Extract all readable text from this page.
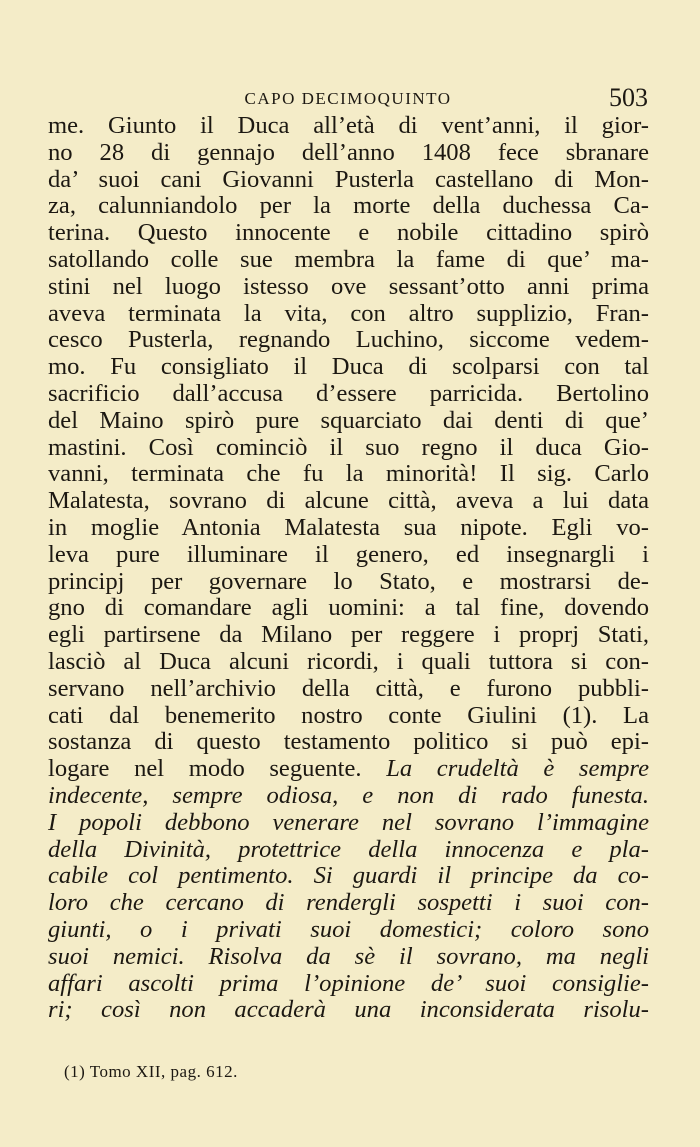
CAPO DECIMOQUINTO	503
me. Giunto il Duca all’età di vent’anni, il gior-
no 28 di gennajo dell’anno 1408 fece sbranare
da’ suoi cani Giovanni Pusterla castellano di Mon-
za, calunniandolo per la morte della duchessa Ca-
terina. Questo innocente e nobile cittadino spirò
satollando colle sue membra la fame di que’ ma-
stini nel luogo istesso ove sessant’otto anni prima
aveva terminata la vita, con altro supplizio, Fran-
cesco Pusterla, regnando Luchino, siccome vedem-
mo. Fu consigliato il Duca di scolparsi con tal
sacrificio dall’accusa d’essere parricida. Bertolino
del Maino spirò pure squarciato dai denti di que’
mastini. Così cominciò il suo regno il duca Gio-
vanni, terminata che fu la minorità! Il sig. Carlo
Malatesta, sovrano di alcune città, aveva a lui data
in moglie Antonia Malatesta sua nipote. Egli vo-
leva pure illuminare il genero, ed insegnargli i
principj per governare lo Stato, e mostrarsi de-
gno di comandare agli uomini: a tal fine, dovendo
egli partirsene da Milano per reggere i proprj Stati,
lasciò al Duca alcuni ricordi, i quali tuttora si con-
servano nell’archivio della città, e furono pubbli-
cati dal benemerito nostro conte Giulini (1). La
sostanza di questo testamento politico si può epi-
logare nel modo seguente. La crudeltà è sempre
indecente, sempre odiosa, e non di rado funesta.
I popoli debbono venerare nel sovrano l’immagine
della Divinità, protettrice della innocenza e pla-
cabile col pentimento. Si guardi il principe da co-
loro che cercano di rendergli sospetti i suoi con-
giunti, o i privati suoi domestici; coloro sono
suoi nemici. Risolva da sè il sovrano, ma negli
affari ascolti prima l’opinione de’ suoi consiglie-
ri; così non accaderà una inconsiderata risolu-
(1) Tomo XII, pag. 612.
